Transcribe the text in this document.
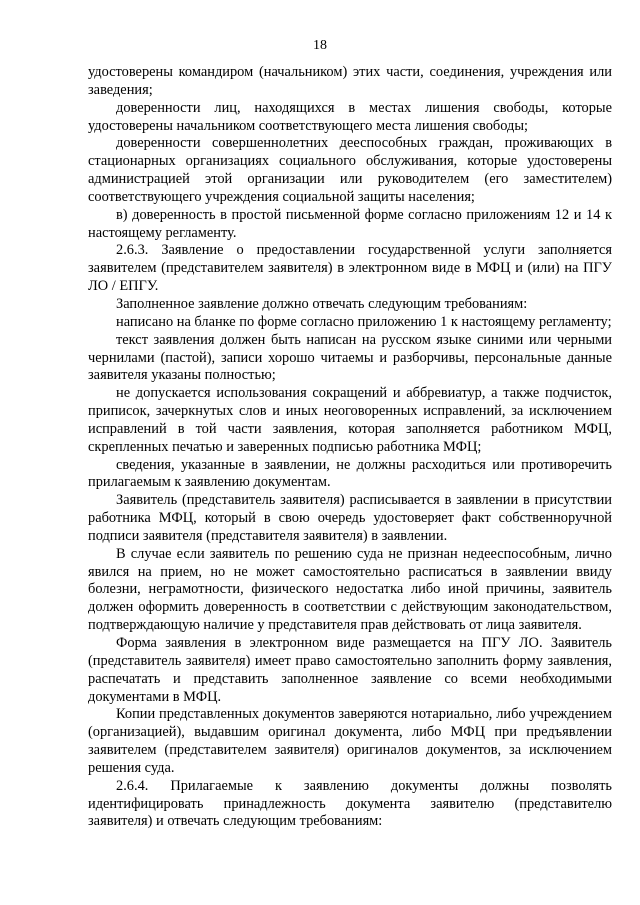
18

удостоверены командиром (начальником) этих части, соединения, учреждения или заведения;

доверенности лиц, находящихся в местах лишения свободы, которые удостоверены начальником соответствующего места лишения свободы;

доверенности совершеннолетних дееспособных граждан, проживающих в стационарных организациях социального обслуживания, которые удостоверены администрацией этой организации или руководителем (его заместителем) соответствующего учреждения социальной защиты населения;

в) доверенность в простой письменной форме согласно приложениям 12 и 14 к настоящему регламенту.

2.6.3. Заявление о предоставлении государственной услуги заполняется заявителем (представителем заявителя) в электронном виде в МФЦ и (или) на ПГУ ЛО / ЕПГУ.

Заполненное заявление должно отвечать следующим требованиям:

написано на бланке по форме согласно приложению 1 к настоящему регламенту;

текст заявления должен быть написан на русском языке синими или черными чернилами (пастой), записи хорошо читаемы и разборчивы, персональные данные заявителя указаны полностью;

не допускается использования сокращений и аббревиатур, а также подчисток, приписок, зачеркнутых слов и иных неоговоренных исправлений, за исключением исправлений в той части заявления, которая заполняется работником МФЦ, скрепленных печатью и заверенных подписью работника МФЦ;

сведения, указанные в заявлении, не должны расходиться или противоречить прилагаемым к заявлению документам.

Заявитель (представитель заявителя) расписывается в заявлении в присутствии работника МФЦ, который в свою очередь удостоверяет факт собственноручной подписи заявителя (представителя заявителя) в заявлении.

В случае если заявитель по решению суда не признан недееспособным, лично явился на прием, но не может самостоятельно расписаться в заявлении ввиду болезни, неграмотности, физического недостатка либо иной причины, заявитель должен оформить доверенность в соответствии с действующим законодательством, подтверждающую наличие у представителя прав действовать от лица заявителя.

Форма заявления в электронном виде размещается на ПГУ ЛО. Заявитель (представитель заявителя) имеет право самостоятельно заполнить форму заявления, распечатать и представить заполненное заявление со всеми необходимыми документами в МФЦ.

Копии представленных документов заверяются нотариально, либо учреждением (организацией), выдавшим оригинал документа, либо МФЦ при предъявлении заявителем (представителем заявителя) оригиналов документов, за исключением решения суда.

2.6.4. Прилагаемые к заявлению документы должны позволять идентифицировать принадлежность документа заявителю (представителю заявителя) и отвечать следующим требованиям:
